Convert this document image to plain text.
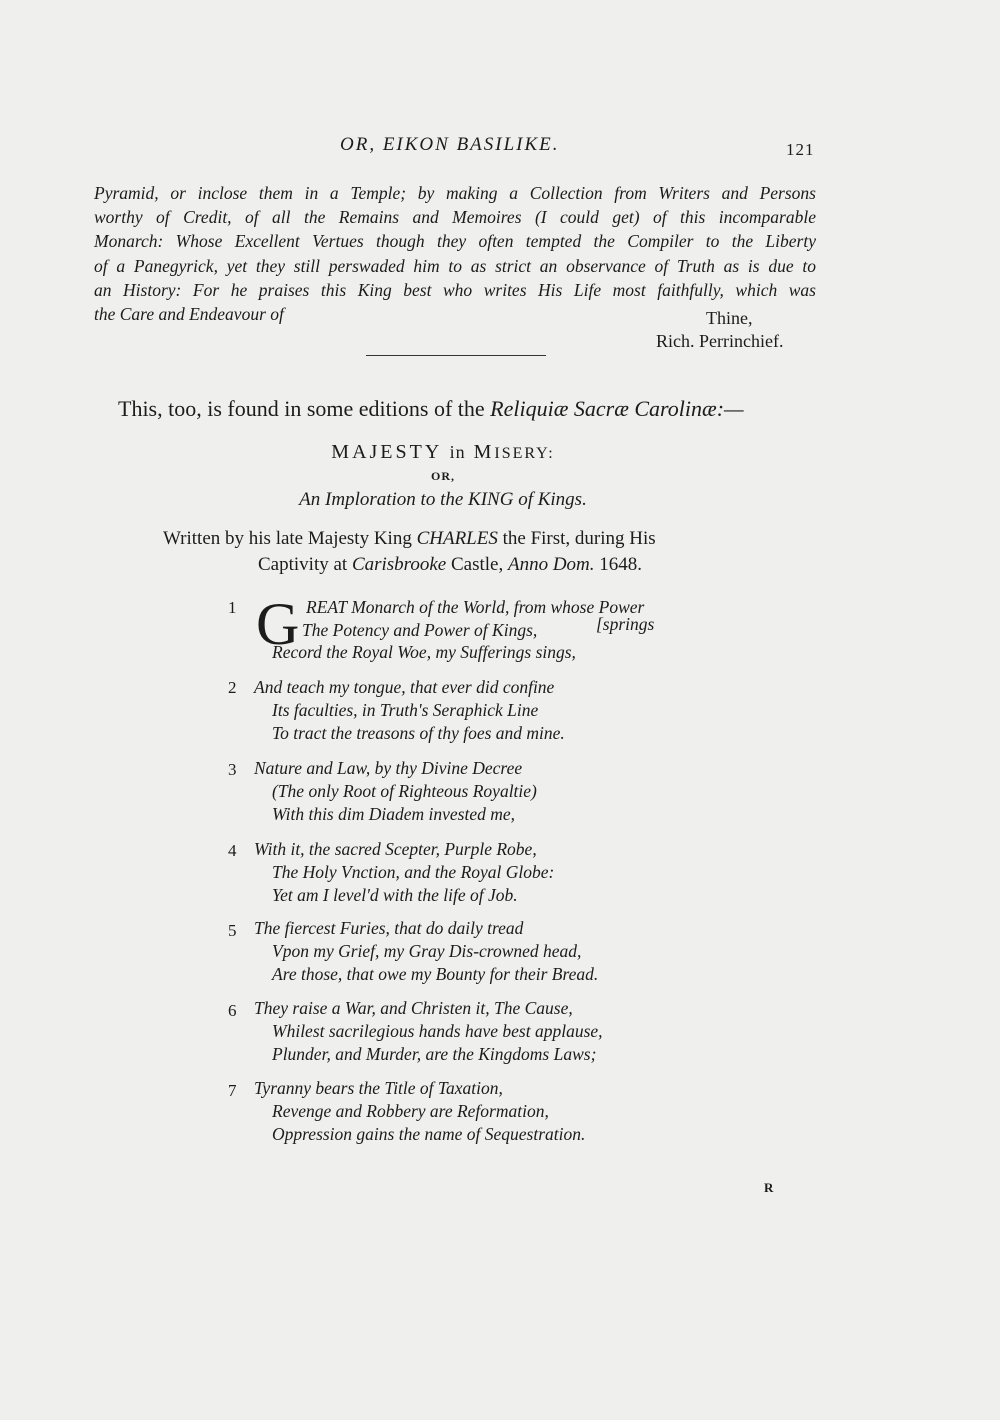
OR, EIKON BASILIKE.	121
Pyramid, or inclose them in a Temple; by making a Collection from Writers and Persons
worthy of Credit, of all the Remains and Memoires (I could get) of this incomparable
Monarch: Whose Excellent Vertues though they often tempted the Compiler to the Liberty
of a Panegyrick, yet they still perswaded him to as strict an observance of Truth as is due to
an History: For he praises this King best who writes His Life most faithfully, which was
the Care and Endeavour of	Thine,
Rich. Perrinchief.
This, too, is found in some editions of the Reliquiæ Sacræ Carolinæ:—
MAJESTY in MISERY:
OR,
An Imploration to the KING of Kings.
Written by his late Majesty King CHARLES the First, during His
Captivity at Carisbrooke Castle, Anno Dom. 1648.
1 G REAT Monarch of the World, from whose Power
The Potency and Power of Kings,	[springs
Record the Royal Woe, my Sufferings sings,
2 And teach my tongue, that ever did confine
Its faculties, in Truth's Seraphick Line
To tract the treasons of thy foes and mine.
3 Nature and Law, by thy Divine Decree
(The only Root of Righteous Royaltie)
With this dim Diadem invested me,
4 With it, the sacred Scepter, Purple Robe,
The Holy Vnction, and the Royal Globe:
Yet am I level'd with the life of Job.
5 The fiercest Furies, that do daily tread
Vpon my Grief, my Gray Dis-crowned head,
Are those, that owe my Bounty for their Bread.
6 They raise a War, and Christen it, The Cause,
Whilest sacrilegious hands have best applause,
Plunder, and Murder, are the Kingdoms Laws;
7 Tyranny bears the Title of Taxation,
Revenge and Robbery are Reformation,
Oppression gains the name of Sequestration.
R
